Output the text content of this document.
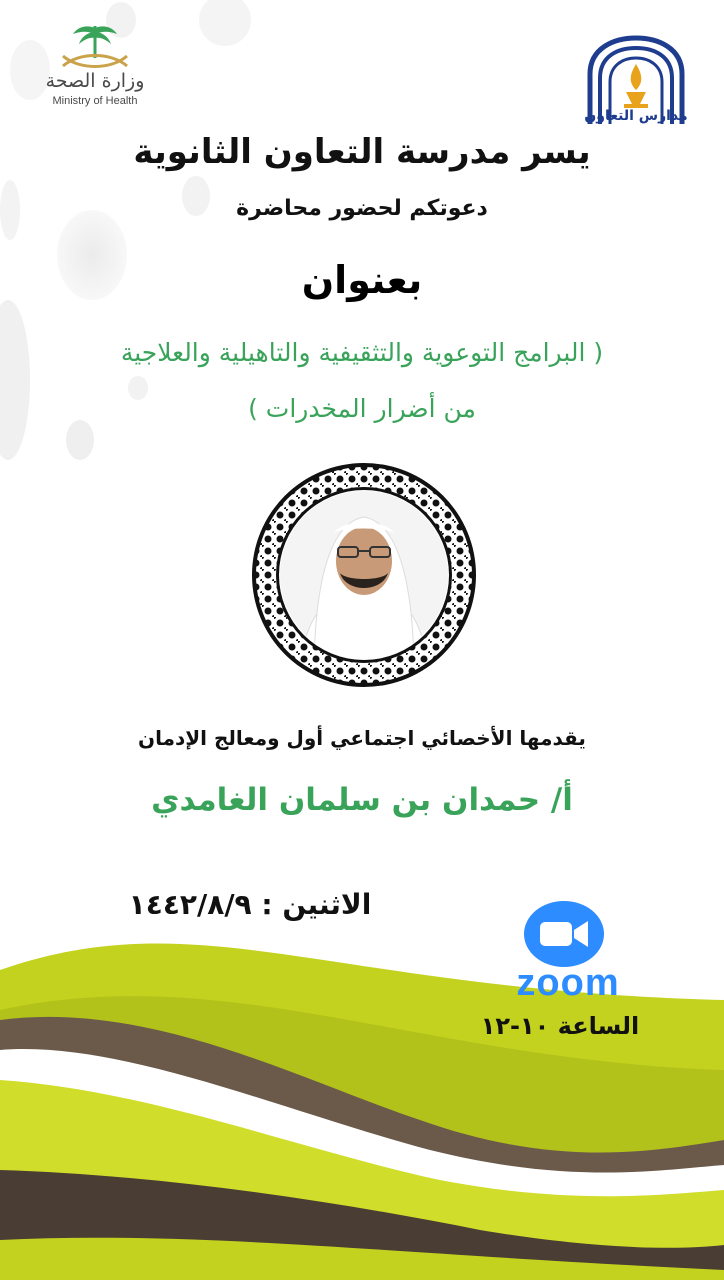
وزارة الصحة
Ministry of Health
مدارس التعاون
يسر مدرسة التعاون الثانوية
دعوتكم لحضور محاضرة
بعنوان
( البرامج التوعوية والتثقيفية والتاهيلية والعلاجية
من أضرار المخدرات )
يقدمها الأخصائي اجتماعي أول ومعالج الإدمان
أ/ حمدان بن سلمان الغامدي
الاثنين : ١٤٤٢/٨/٩
zoom
الساعة ١٠-١٢
